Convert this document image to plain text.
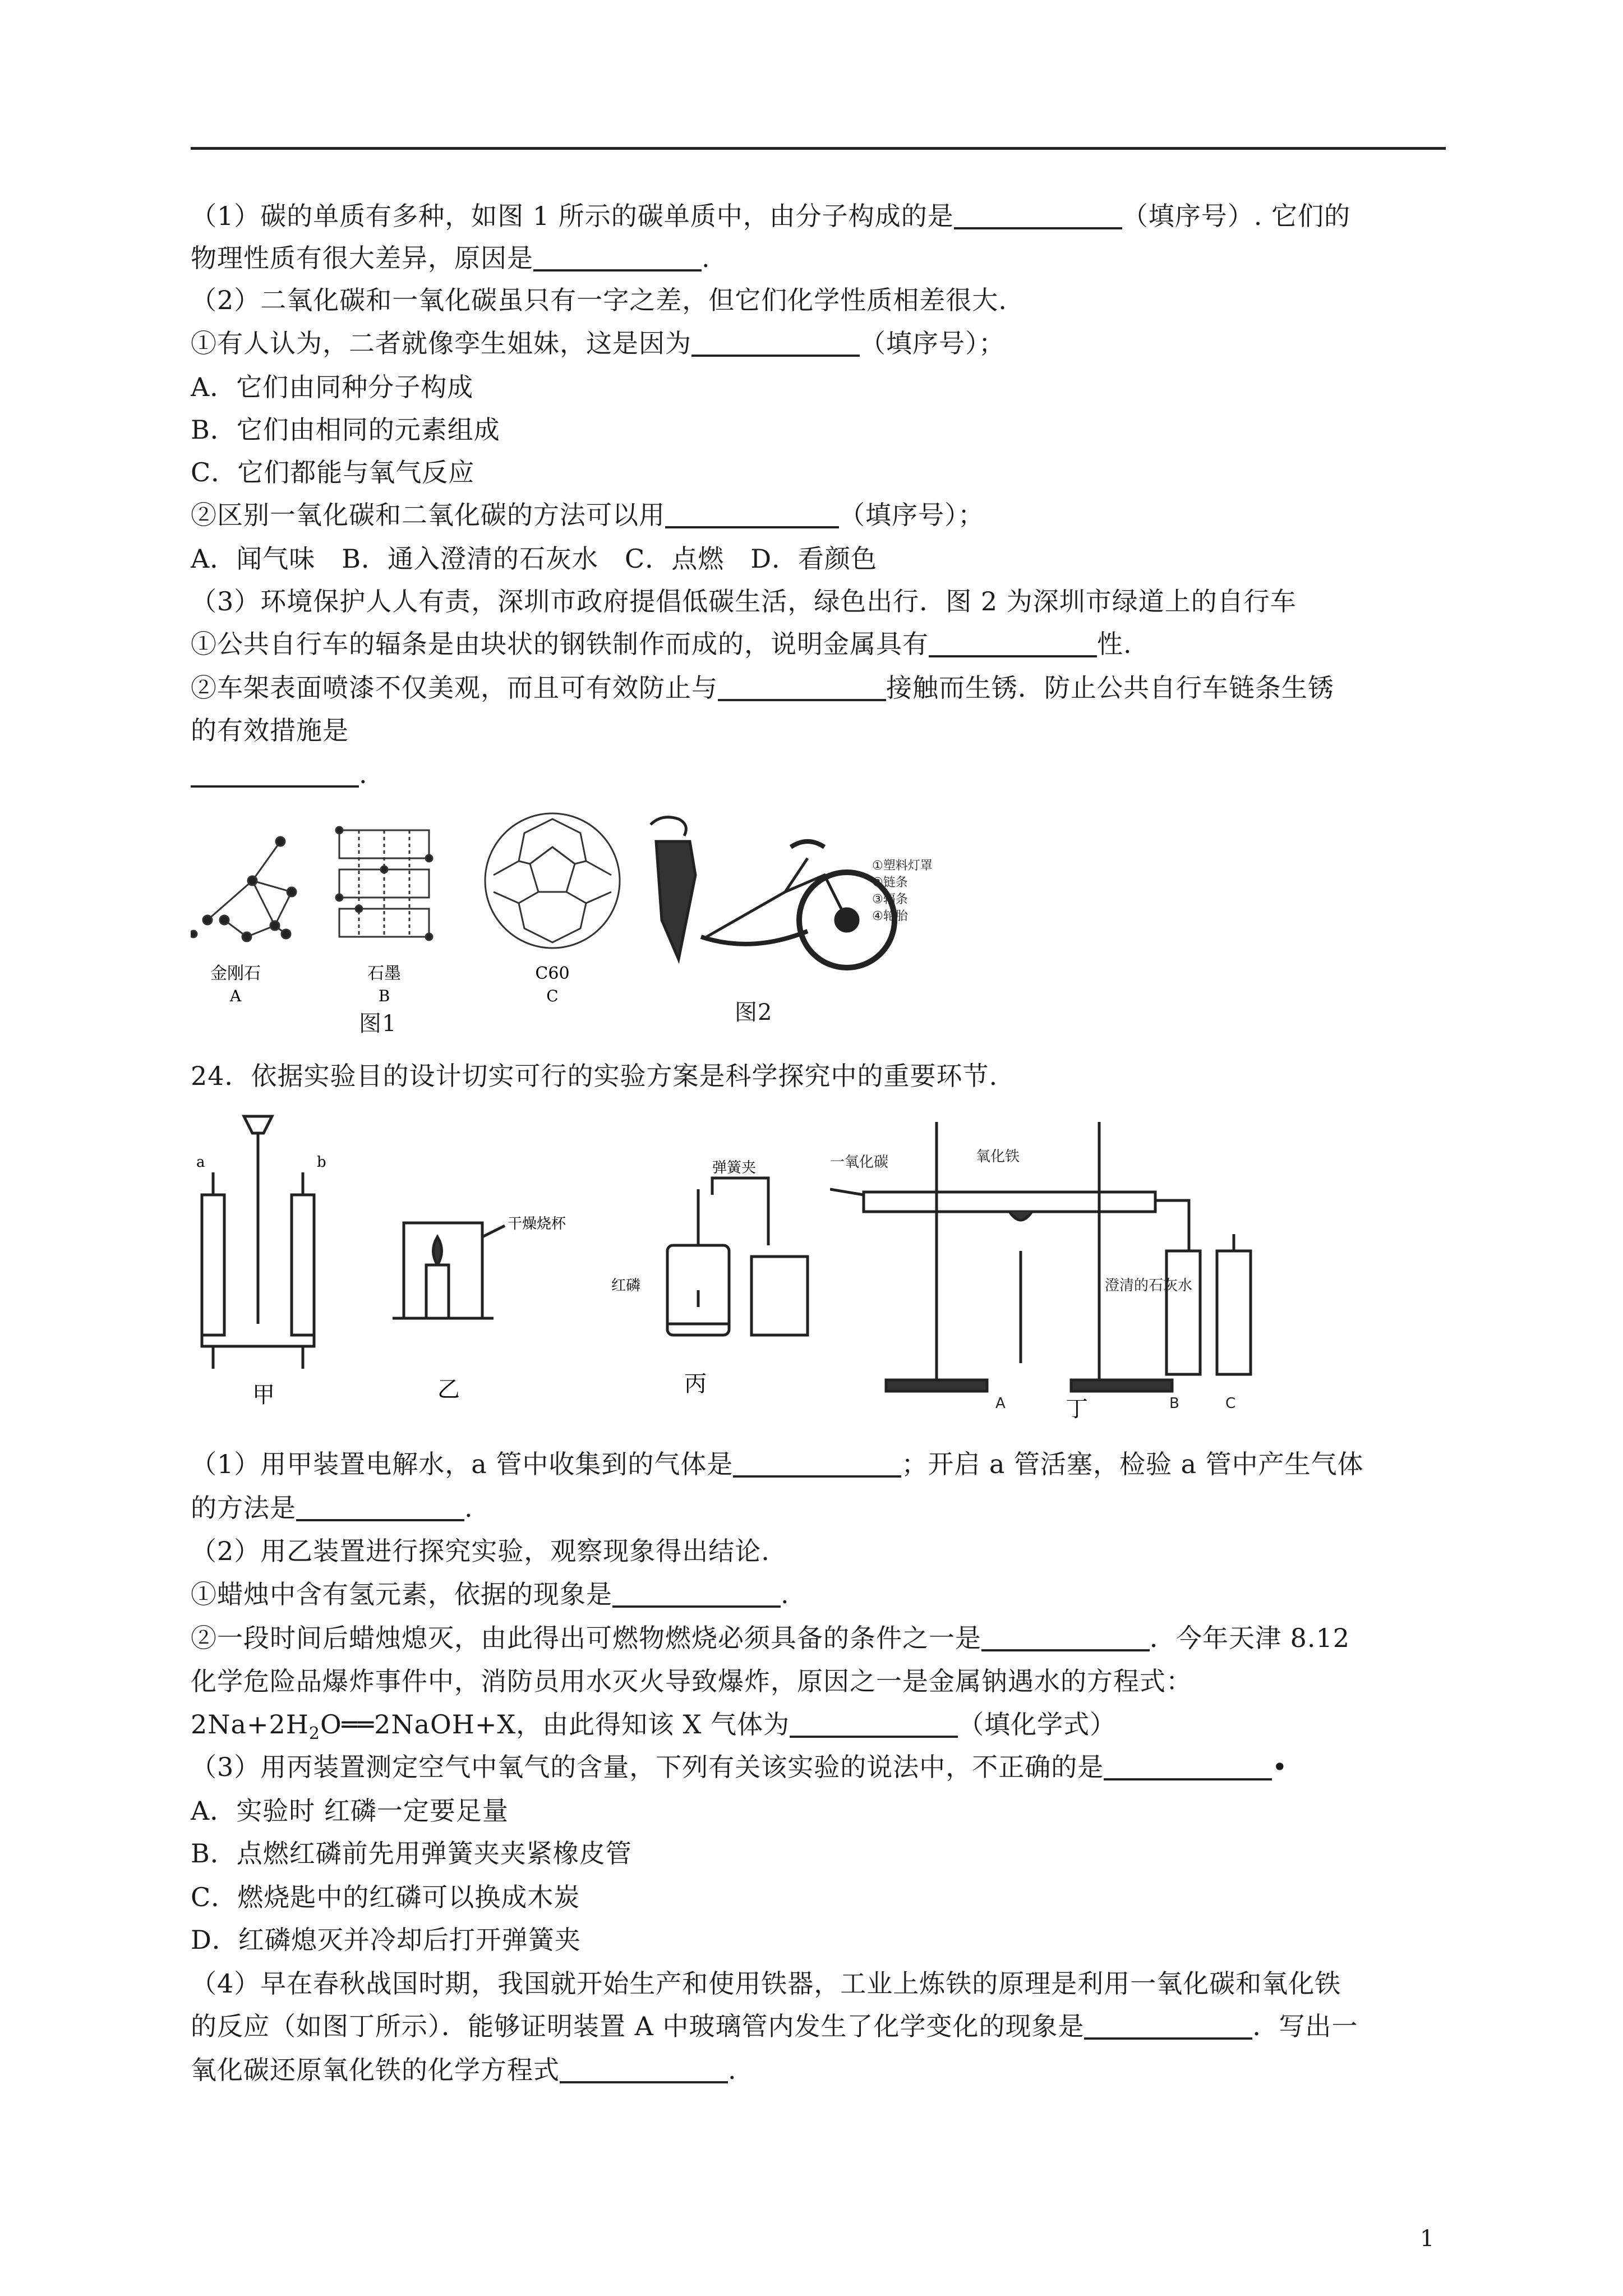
（1）碳的单质有多种，如图 1 所示的碳单质中，由分子构成的是	（填序号）. 它们的
物理性质有很大差异，原因是	.
（2）二氧化碳和一氧化碳虽只有一字之差，但它们化学性质相差很大.
①有人认为，二者就像孪生姐妹，这是因为	（填序号）；
A．它们由同种分子构成
B．它们由相同的元素组成
C．它们都能与氧气反应
②区别一氧化碳和二氧化碳的方法可以用	（填序号）；
A．闻气味　B．通入澄清的石灰水　C．点燃　D．看颜色
（3）环境保护人人有责，深圳市政府提倡低碳生活，绿色出行．图 2 为深圳市绿道上的自行车
①公共自行车的辐条是由块状的钢铁制作而成的，说明金属具有	性.
②车架表面喷漆不仅美观，而且可有效防止与	接触而生锈．防止公共自行车链条生锈
的有效措施是
.
金刚石	石墨
A	B
C60
C
图1
①塑料灯罩
②链条
③辐条
④轮胎
图2
24．依据实验目的设计切实可行的实验方案是科学探究中的重要环节.
a	b
甲
干燥烧杯
乙
弹簧夹
红磷
丙
一氧化碳	氧化铁
澄清的石灰水
A	B	C
丁
（1）用甲装置电解水，a 管中收集到的气体是	；开启 a 管活塞，检验 a 管中产生气体
的方法是	.
（2）用乙装置进行探究实验，观察现象得出结论.
①蜡烛中含有氢元素，依据的现象是	.
②一段时间后蜡烛熄灭，由此得出可燃物燃烧必须具备的条件之一是	．今年天津 8.12
化学危险品爆炸事件中，消防员用水灭火导致爆炸，原因之一是金属钠遇水的方程式：
$2Na+2H_2O══2NaOH+X$，由此得知该 X 气体为	（填化学式）
（3）用丙装置测定空气中氧气的含量，下列有关该实验的说法中，不正确的是	•
A．实验时 红磷一定要足量
B．点燃红磷前先用弹簧夹夹紧橡皮管
C．燃烧匙中的红磷可以换成木炭
D．红磷熄灭并冷却后打开弹簧夹
（4）早在春秋战国时期，我国就开始生产和使用铁器，工业上炼铁的原理是利用一氧化碳和氧化铁
的反应（如图丁所示）．能够证明装置 A 中玻璃管内发生了化学变化的现象是	．写出一
氧化碳还原氧化铁的化学方程式	.
1
